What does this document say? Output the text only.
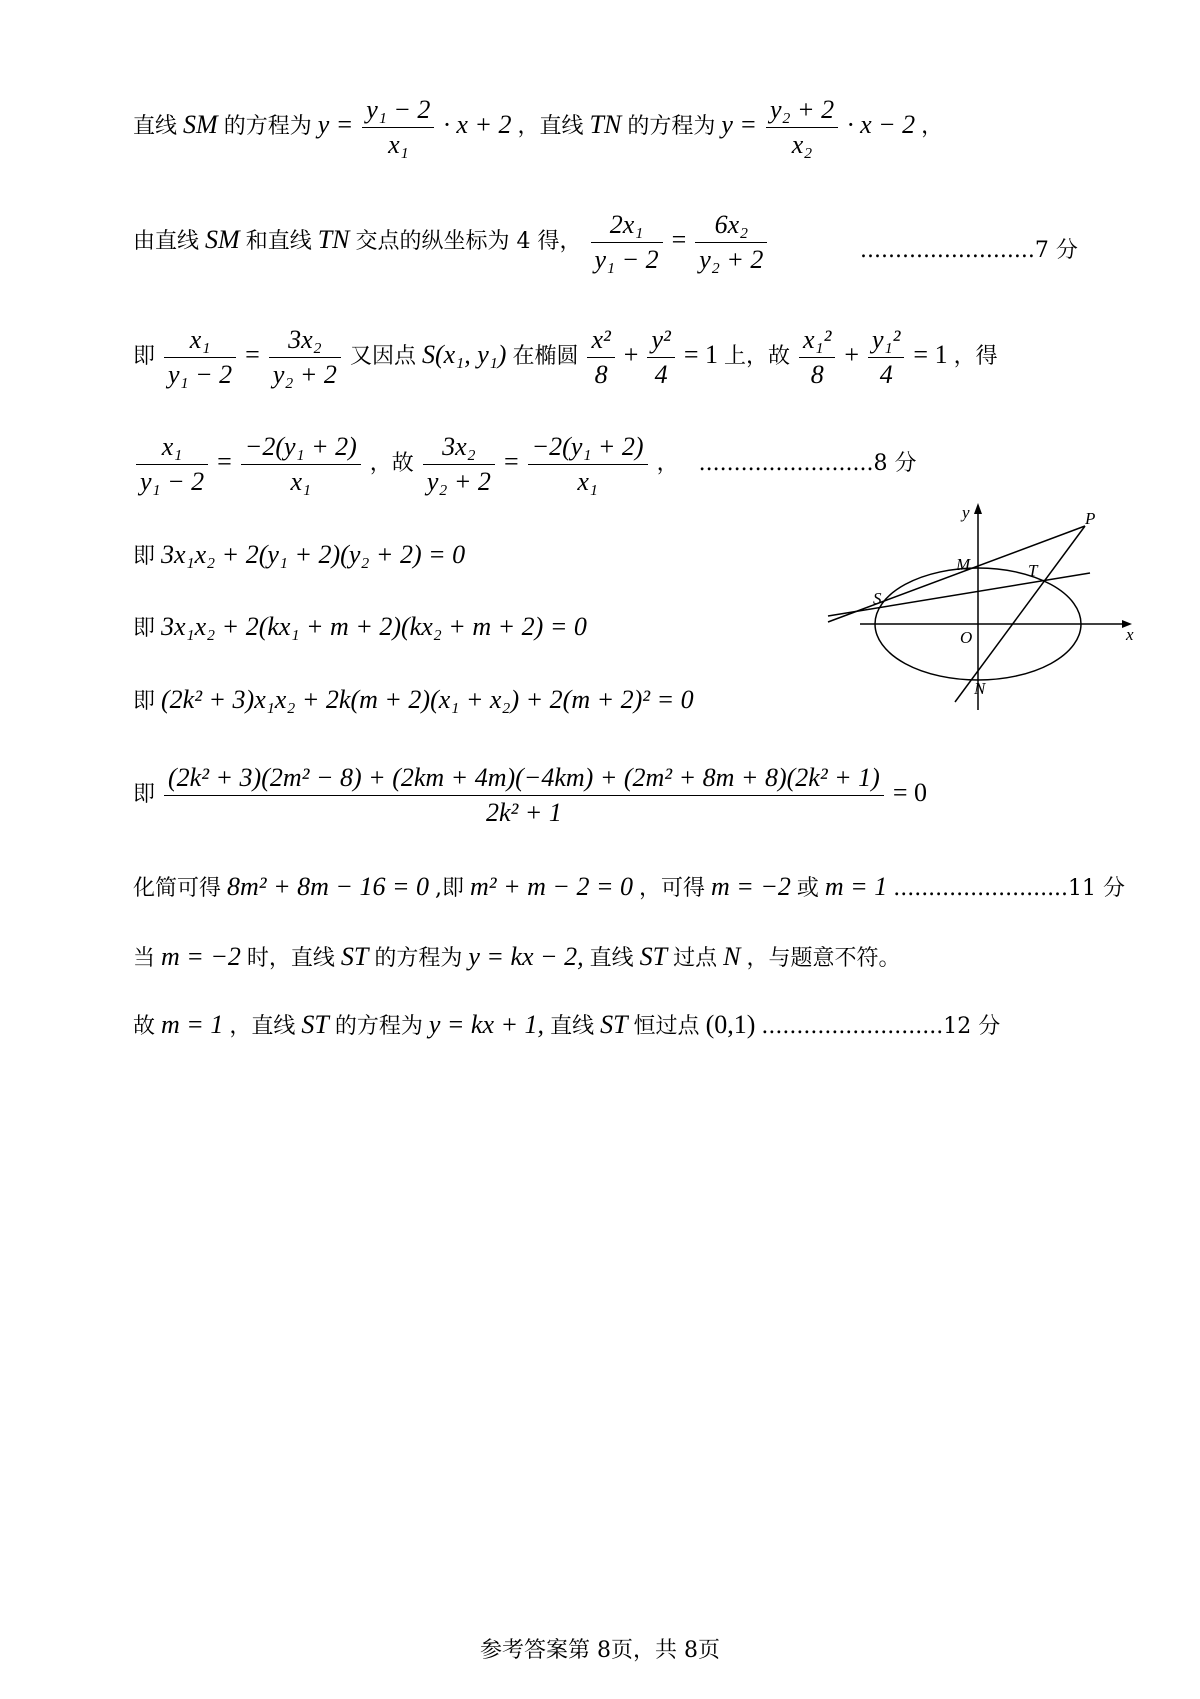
直线 SM 的方程为 $y = \frac{\text{y₁ − 2}}{\text{x₁}} \cdot x + 2$ ，直线 TN 的方程为 $y = \frac{\text{y₂ + 2}}{\text{x₂}} \cdot x - 2$ ，
由直线 SM 和直线 TN 交点的纵坐标为 4 得， $\frac{\text{2x₁}}{\text{y₁ − 2}} = \frac{\text{6x₂}}{\text{y₂ + 2}}$	.........................7 分
即 $\frac{\text{x₁}}{\text{y₁ − 2}} = \frac{\text{3x₂}}{\text{y₂ + 2}}$ 又因点 S(x₁, y₁) 在椭圆 $\frac{\text{x²}}{8} + \frac{\text{y²}}{4} = 1$ 上，故 $\frac{\text{x₁²}}{8} + \frac{\text{y₁²}}{4} = 1$ ，得
$\frac{\text{x₁}}{\text{y₁ − 2}} = \frac{\text{−2(y₁ + 2)}}{\text{x₁}}$ ，故 $\frac{\text{3x₂}}{\text{y₂ + 2}} = \frac{\text{−2(y₁ + 2)}}{\text{x₁}}$ ， .........................8 分
即 3x₁x₂ + 2(y₁ + 2)(y₂ + 2) = 0
即 3x₁x₂ + 2(kx₁ + m + 2)(kx₂ + m + 2) = 0
即 (2k² + 3)x₁x₂ + 2k(m + 2)(x₁ + x₂) + 2(m + 2)² = 0
即
(2k² + 3)(2m² − 8) + (2km + 4m)(−4km) + (2m² + 8m + 8)(2k² + 1)
2k² + 1
= 0
化简可得 8m² + 8m − 16 = 0 ,即 m² + m − 2 = 0 ，可得 m = −2 或 m = 1 .........................11 分
当 m = −2 时，直线 ST 的方程为 y = kx − 2, 直线 ST 过点 N ，与题意不符。
故 m = 1 ，直线 ST 的方程为 y = kx + 1, 直线 ST 恒过点 (0,1) ..........................12 分
y
x
P
M	T
S
O
N
参考答案第 8页，共 8页
